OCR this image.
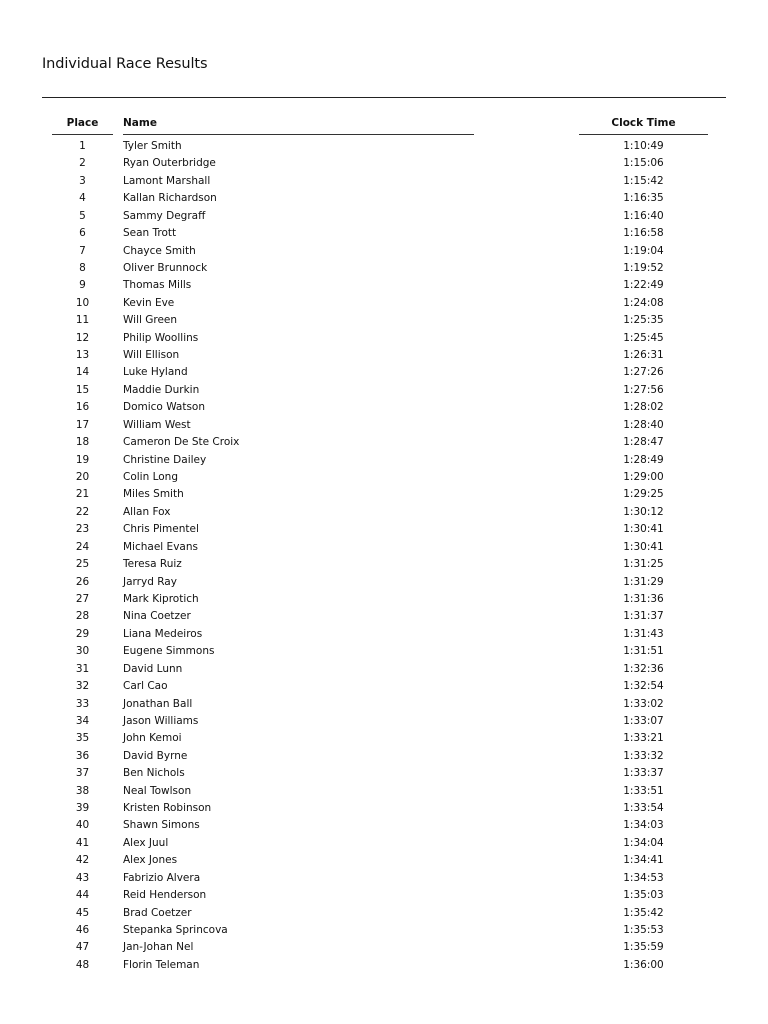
Individual Race Results
Place	Name	Clock Time
1	Tyler Smith	1:10:49
2	Ryan Outerbridge	1:15:06
3	Lamont Marshall	1:15:42
4	Kallan Richardson	1:16:35
5	Sammy Degraff	1:16:40
6	Sean Trott	1:16:58
7	Chayce Smith	1:19:04
8	Oliver Brunnock	1:19:52
9	Thomas Mills	1:22:49
10	Kevin Eve	1:24:08
11	Will Green	1:25:35
12	Philip Woollins	1:25:45
13	Will Ellison	1:26:31
14	Luke Hyland	1:27:26
15	Maddie Durkin	1:27:56
16	Domico Watson	1:28:02
17	William West	1:28:40
18	Cameron De Ste Croix	1:28:47
19	Christine Dailey	1:28:49
20	Colin Long	1:29:00
21	Miles Smith	1:29:25
22	Allan Fox	1:30:12
23	Chris Pimentel	1:30:41
24	Michael Evans	1:30:41
25	Teresa Ruiz	1:31:25
26	Jarryd Ray	1:31:29
27	Mark Kiprotich	1:31:36
28	Nina Coetzer	1:31:37
29	Liana Medeiros	1:31:43
30	Eugene Simmons	1:31:51
31	David Lunn	1:32:36
32	Carl Cao	1:32:54
33	Jonathan Ball	1:33:02
34	Jason Williams	1:33:07
35	John Kemoi	1:33:21
36	David Byrne	1:33:32
37	Ben Nichols	1:33:37
38	Neal Towlson	1:33:51
39	Kristen Robinson	1:33:54
40	Shawn Simons	1:34:03
41	Alex Juul	1:34:04
42	Alex Jones	1:34:41
43	Fabrizio Alvera	1:34:53
44	Reid Henderson	1:35:03
45	Brad Coetzer	1:35:42
46	Stepanka Sprincova	1:35:53
47	Jan-Johan Nel	1:35:59
48	Florin Teleman	1:36:00
